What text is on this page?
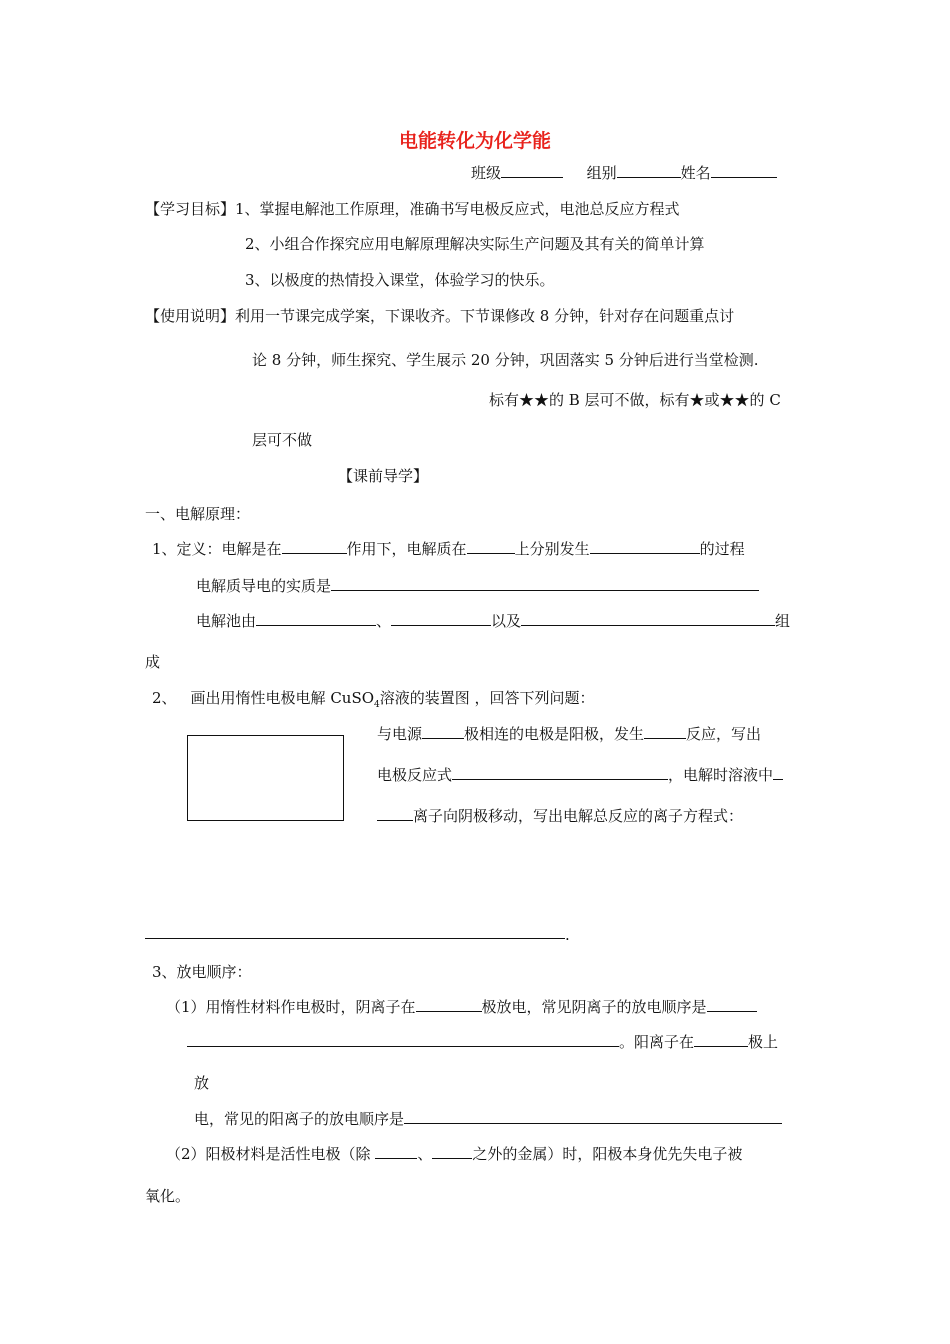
电能转化为化学能
班级	组别	姓名
【学习目标】1、掌握电解池工作原理，准确书写电极反应式，电池总反应方程式
2、小组合作探究应用电解原理解决实际生产问题及其有关的简单计算
3、以极度的热情投入课堂，体验学习的快乐。
【使用说明】利用一节课完成学案，下课收齐。下节课修改 8 分钟，针对存在问题重点讨
论 8 分钟，师生探究、学生展示 20 分钟，巩固落实 5 分钟后进行当堂检测.
标有★★的 B 层可不做，标有★或★★的 C
层可不做
【课前导学】
一、电解原理：
1、定义：电解是在	作用下，电解质在	上分别发生	的过程
电解质导电的实质是
电解池由	、	以及	组
成
2、 画出用惰性电极电解 CuSO$_4$溶液的装置图 ，回答下列问题：
与电源	极相连的电极是阳极，发生	反应，写出
电极反应式	，电解时溶液中
离子向阴极移动，写出电解总反应的离子方程式：
.
3、放电顺序：
（1）用惰性材料作电极时，阴离子在	极放电，常见阴离子的放电顺序是
。阳离子在	极上
放
电，常见的阳离子的放电顺序是
（2）阳极材料是活性电极（除	、	之外的金属）时，阳极本身优先失电子被
氧化。
